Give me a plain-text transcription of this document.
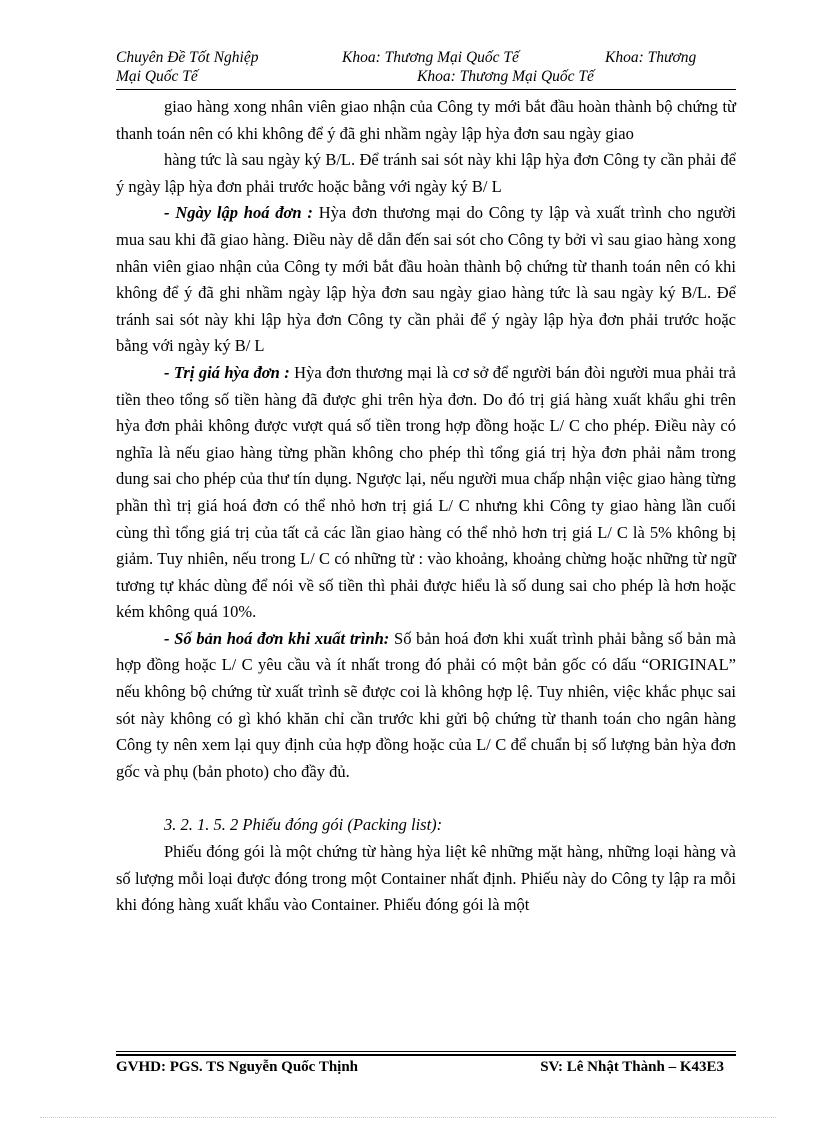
Chuyên Đề Tốt Nghiệp	Khoa: Thương Mại Quốc Tế	Khoa: Thương
Mại Quốc Tế	Khoa: Thương Mại Quốc Tế

giao hàng xong nhân viên giao nhận của Công ty mới bắt đầu hoàn thành bộ chứng từ thanh toán nên có khi không để ý đã ghi nhầm ngày lập hỳa đơn sau ngày giao

hàng tức là sau ngày ký B/L. Để tránh sai sót này khi lập hỳa đơn Công ty cần phải để ý ngày lập hỳa đơn phải trước hoặc bằng với ngày ký B/ L

- Ngày lập hoá đơn : Hỳa đơn thương mại do Công ty lập và xuất trình cho người mua sau khi đã giao hàng. Điều này dễ dẫn đến sai sót cho Công ty bởi vì sau giao hàng xong nhân viên giao nhận của Công ty mới bắt đầu hoàn thành bộ chứng từ thanh toán nên có khi không để ý đã ghi nhầm ngày lập hỳa đơn sau ngày giao hàng tức là sau ngày ký B/L. Để tránh sai sót này khi lập hỳa đơn Công ty cần phải để ý ngày lập hỳa đơn phải trước hoặc bằng với ngày ký B/ L

- Trị giá hỳa đơn : Hỳa đơn thương mại là cơ sở để người bán đòi người mua phải trả tiền theo tổng số tiền hàng đã được ghi trên hỳa đơn. Do đó trị giá hàng xuất khẩu ghi trên hỳa đơn phải không được vượt quá số tiền trong hợp đồng hoặc L/ C cho phép. Điều này có nghĩa là nếu giao hàng từng phần không cho phép thì tổng giá trị hỳa đơn phải nằm trong dung sai cho phép của thư tín dụng. Ngược lại, nếu người mua chấp nhận việc giao hàng từng phần thì trị giá hoá đơn có thể nhỏ hơn trị giá L/ C nhưng khi Công ty giao hàng lần cuối cùng thì tổng giá trị của tất cả các lần giao hàng có thể nhỏ hơn trị giá L/ C là 5% không bị giảm. Tuy nhiên, nếu trong L/ C có những từ : vào khoảng, khoảng chừng hoặc những từ ngữ tương tự khác dùng để nói về số tiền thì phải được hiểu là số dung sai cho phép là hơn hoặc kém không quá 10%.

- Số bản hoá đơn khi xuất trình: Số bản hoá đơn khi xuất trình phải bằng số bản mà hợp đồng hoặc L/ C yêu cầu và ít nhất trong đó phải có một bản gốc có dấu “ORIGINAL” nếu không bộ chứng từ xuất trình sẽ được coi là không hợp lệ. Tuy nhiên, việc khắc phục sai sót này không có gì khó khăn chỉ cần trước khi gửi bộ chứng từ thanh toán cho ngân hàng Công ty nên xem lại quy định của hợp đồng hoặc của L/ C để chuẩn bị số lượng bản hỳa đơn gốc và phụ (bản photo) cho đầy đủ.

3. 2. 1. 5. 2 Phiếu đóng gói (Packing list):

Phiếu đóng gói là một chứng từ hàng hỳa liệt kê những mặt hàng, những loại hàng và số lượng mỗi loại được đóng trong một Container nhất định. Phiếu này do Công ty lập ra mỗi khi đóng hàng xuất khẩu vào Container. Phiếu đóng gói là một

GVHD: PGS. TS Nguyễn Quốc Thịnh	SV: Lê Nhật Thành – K43E3
